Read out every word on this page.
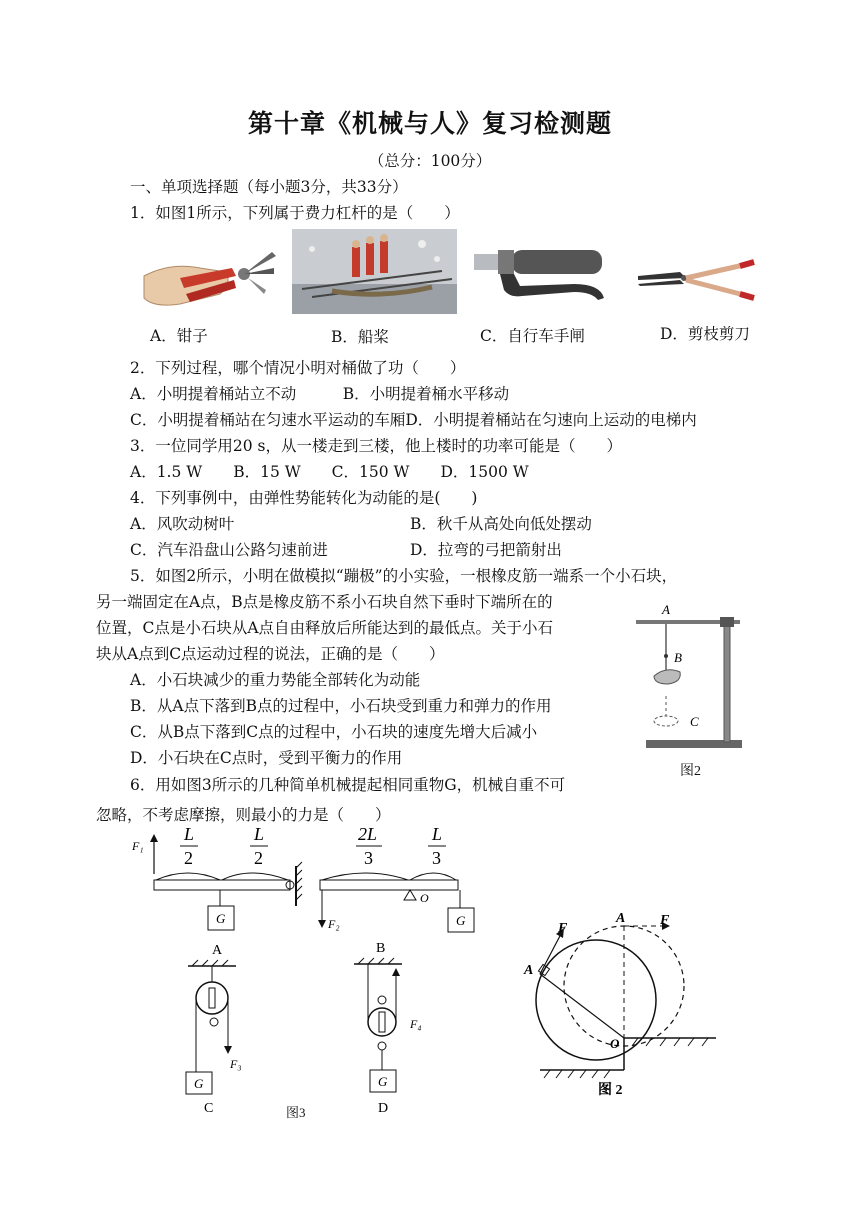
第十章《机械与人》复习检测题
（总分：100分）
一、单项选择题（每小题3分，共33分）
1．如图1所示，下列属于费力杠杆的是（　　）
A．钳子	B．船桨	C．自行车手闸	D．剪枝剪刀
2．下列过程，哪个情况小明对桶做了功（　　）
A．小明提着桶站立不动　　　B．小明提着桶水平移动
C．小明提着桶站在匀速水平运动的车厢D．小明提着桶站在匀速向上运动的电梯内
3．一位同学用20 s，从一楼走到三楼，他上楼时的功率可能是（　　）
A．1.5 W　　B．15 W　　C．150 W　　D．1500 W
4．下列事例中，由弹性势能转化为动能的是(　　)
A．风吹动树叶	B．秋千从高处向低处摆动
C．汽车沿盘山公路匀速前进	D．拉弯的弓把箭射出
5．如图2所示，小明在做模拟“蹦极”的小实验，一根橡皮筋一端系一个小石块，
另一端固定在A点，B点是橡皮筋不系小石块自然下垂时下端所在的
位置，C点是小石块从A点自由释放后所能达到的最低点。关于小石
块从A点到C点运动过程的说法，正确的是（　　）
A．小石块减少的重力势能全部转化为动能
B．从A点下落到B点的过程中，小石块受到重力和弹力的作用
C．从B点下落到C点的过程中，小石块的速度先增大后减小
D．小石块在C点时，受到平衡力的作用
A
B
C
图2
6．用如图3所示的几种简单机械提起相同重物G，机械自重不可
忽略，不考虑摩擦，则最小的力是（　　）
F₁
L
2
L
2
G
2L
3
L
3
O
F₂	G
A
F₃
G
C
B
F₄
G
D
图3
F
F
A
A
O
图 2
